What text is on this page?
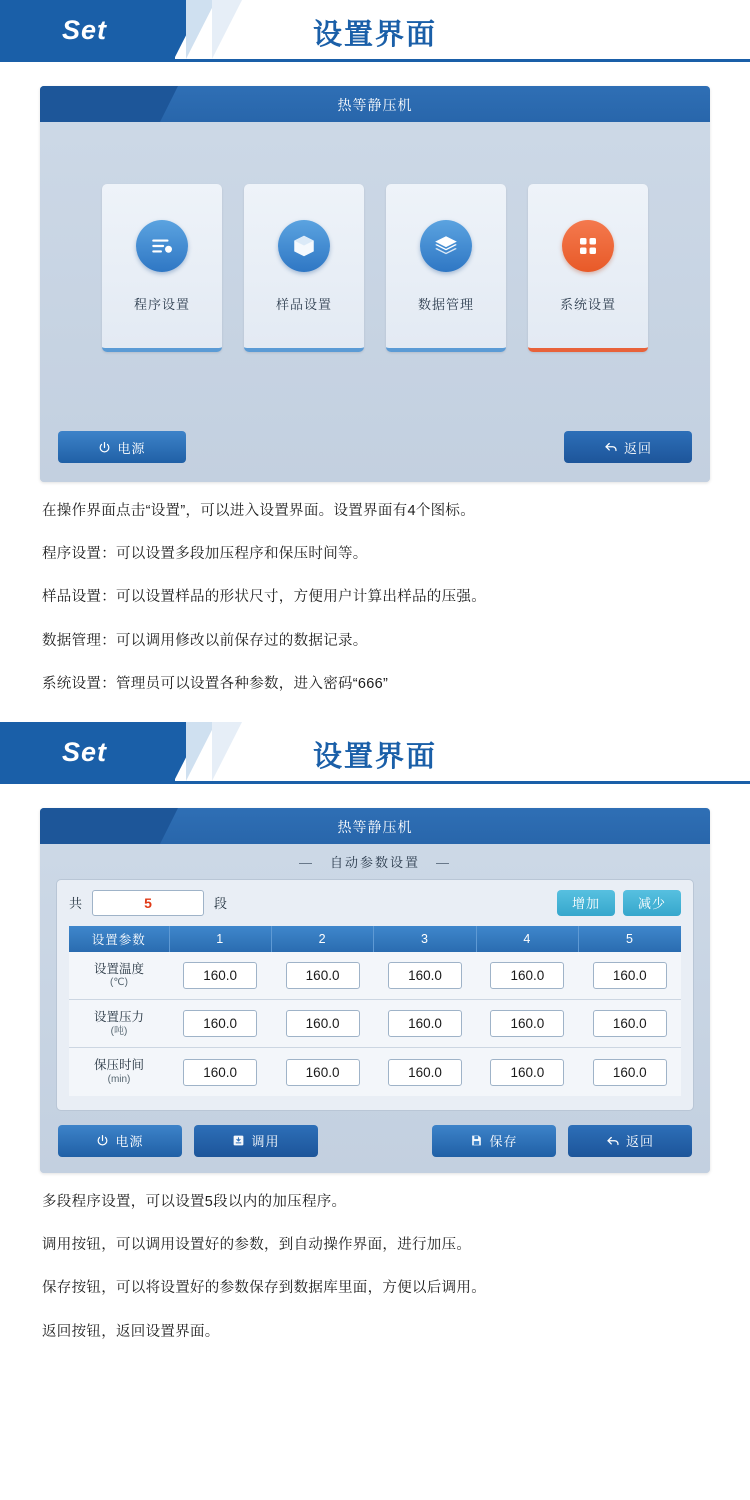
Set	设置界面
热等静压机
程序设置	样品设置	数据管理	系统设置
电源	返回

在操作界面点击“设置”，可以进入设置界面。设置界面有4个图标。

程序设置：可以设置多段加压程序和保压时间等。

样品设置：可以设置样品的形状尺寸，方便用户计算出样品的压强。

数据管理：可以调用修改以前保存过的数据记录。

系统设置：管理员可以设置各种参数，进入密码“666”

Set	设置界面
热等静压机
— 自动参数设置 —
共	5	段	增加	减少
设置参数	1	2	3	4	5
设置温度
(℃)	160.0	160.0	160.0	160.0	160.0
设置压力
(吨)	160.0	160.0	160.0	160.0	160.0
保压时间
(min)	160.0	160.0	160.0	160.0	160.0
电源	调用	保存	返回

多段程序设置，可以设置5段以内的加压程序。

调用按钮，可以调用设置好的参数，到自动操作界面，进行加压。

保存按钮，可以将设置好的参数保存到数据库里面，方便以后调用。

返回按钮，返回设置界面。
